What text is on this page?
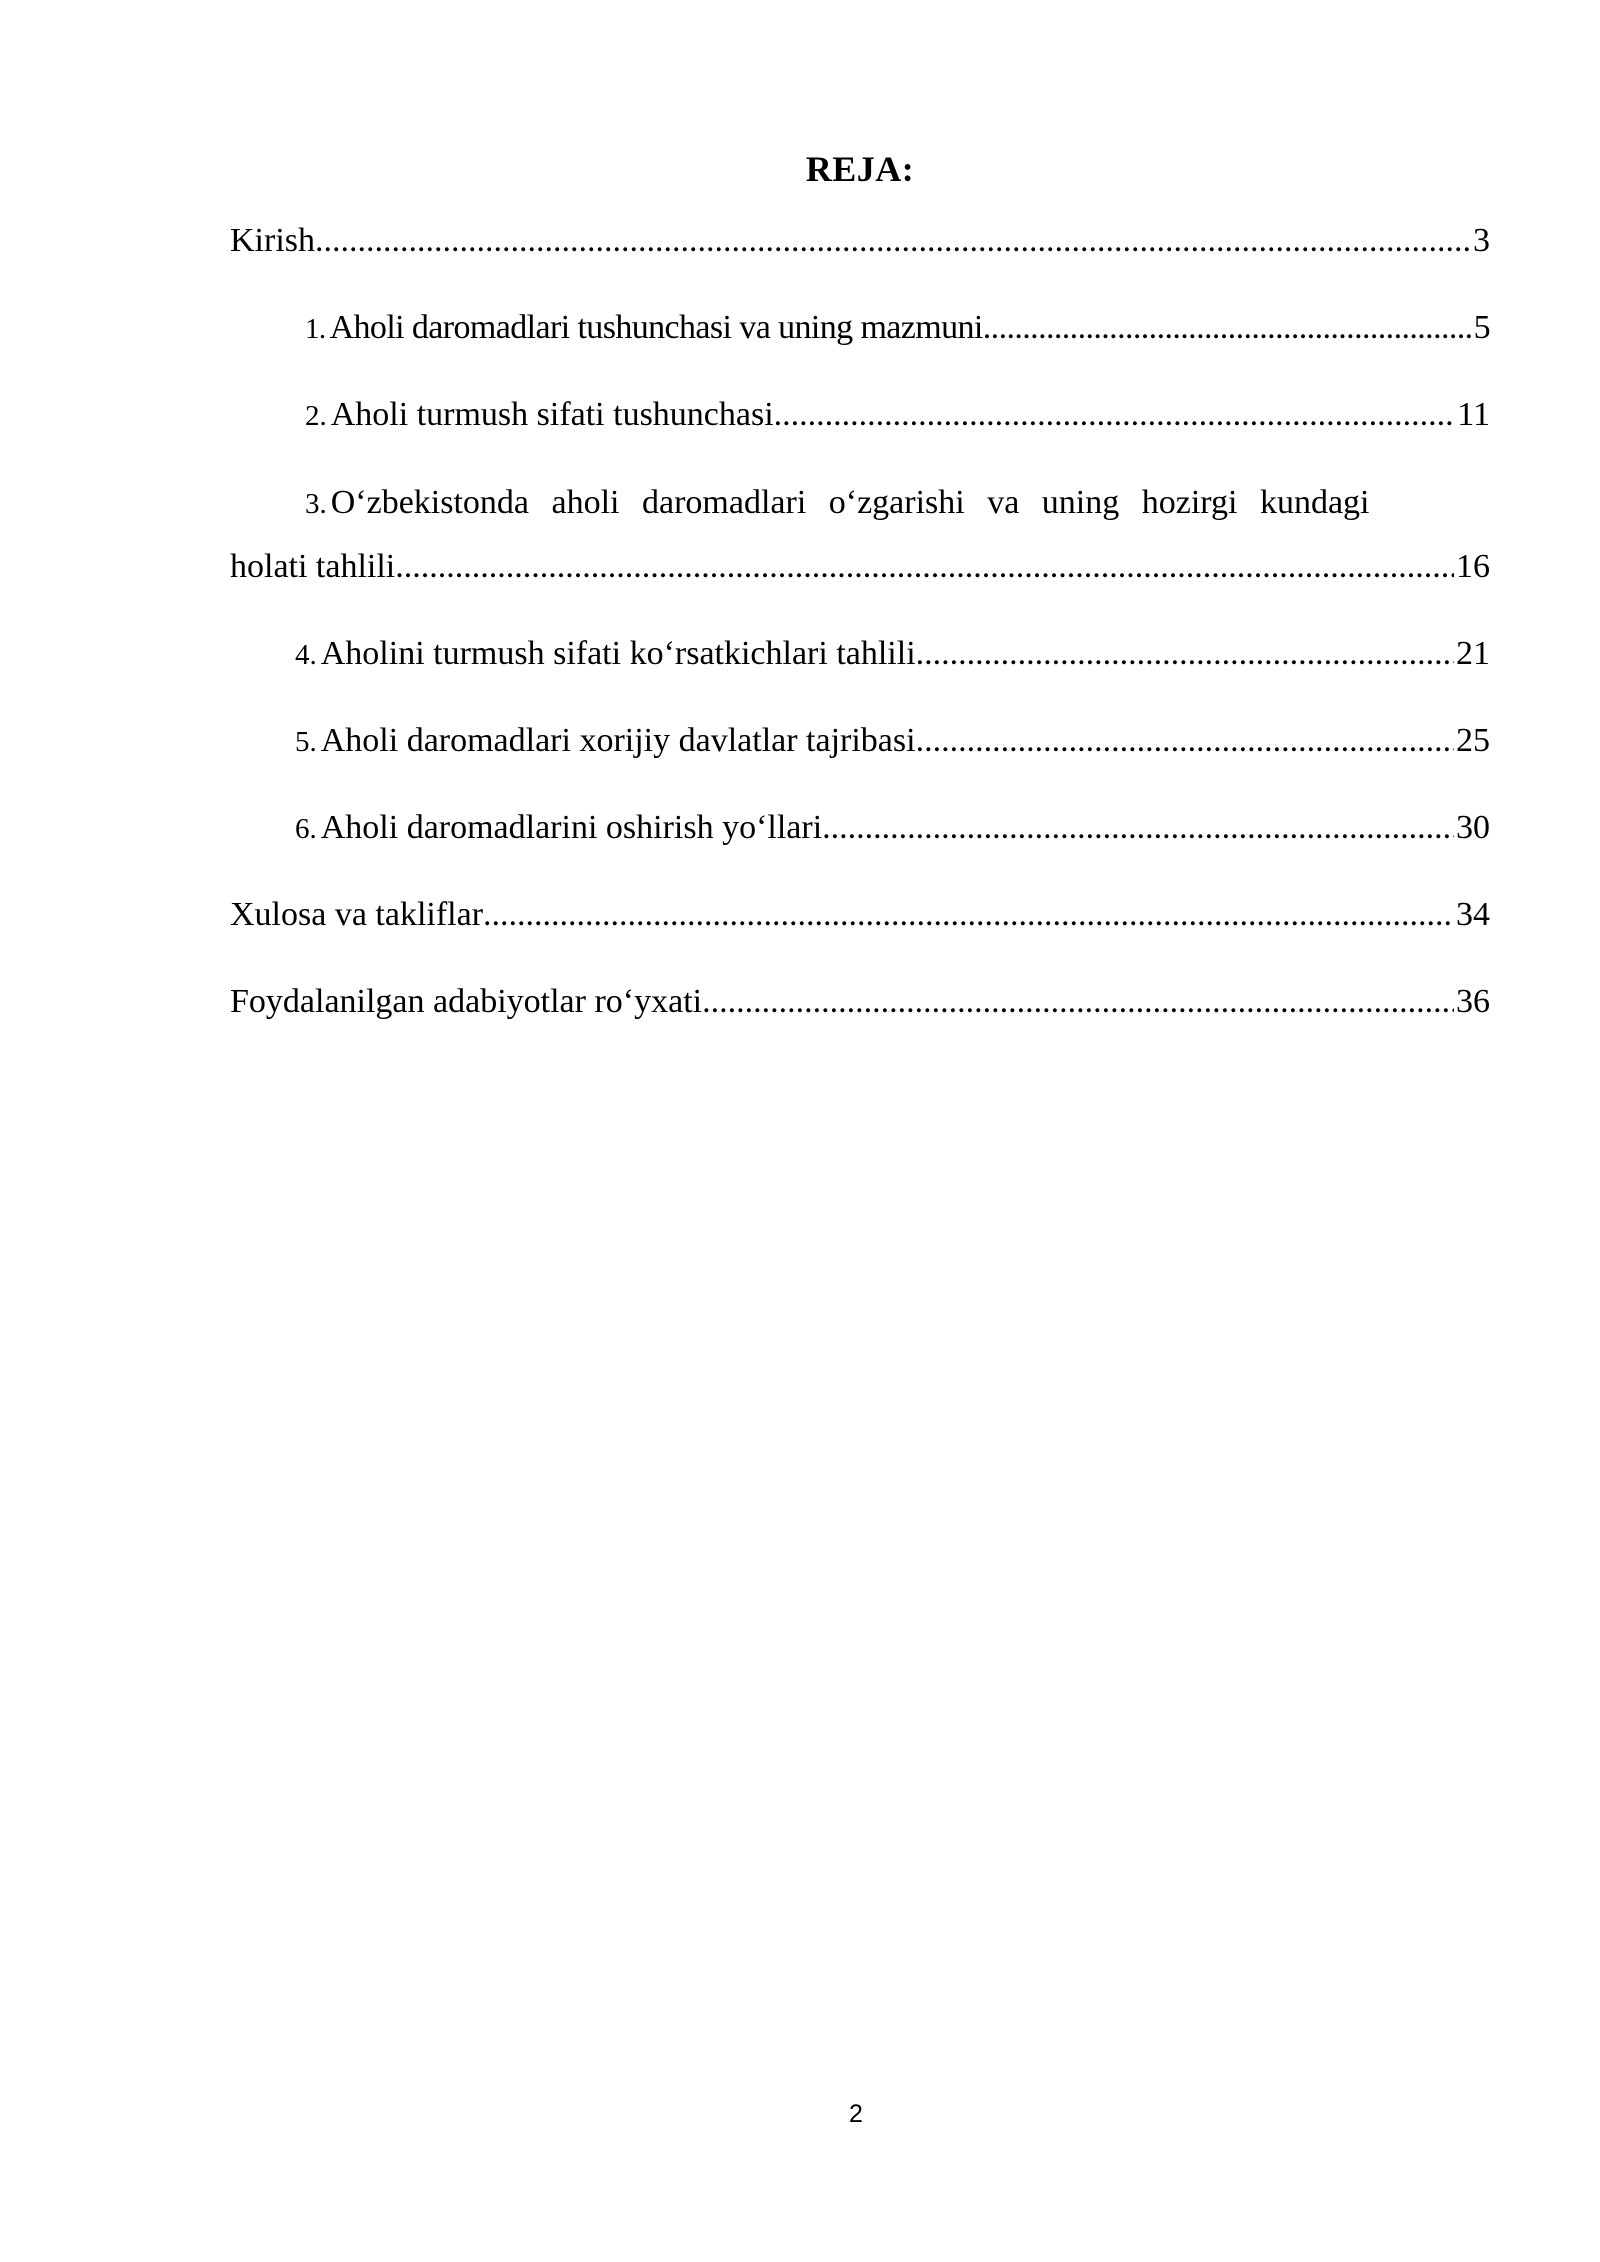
REJA:
Kirish .....	3
1. Aholi daromadlari tushunchasi va uning mazmuni .....	5
2. Aholi turmush sifati tushunchasi .....	11
3. O‘zbekistonda aholi daromadlari o‘zgarishi va uning hozirgi kundagi
holati tahlili .....	16
4. Aholini turmush sifati ko‘rsatkichlari tahlili .....	21
5. Aholi daromadlari xorijiy davlatlar tajribasi .....	25
6. Aholi daromadlarini oshirish yo‘llari .....	30
Xulosa va takliflar .....	34
Foydalanilgan adabiyotlar ro‘yxati .....	36
2
